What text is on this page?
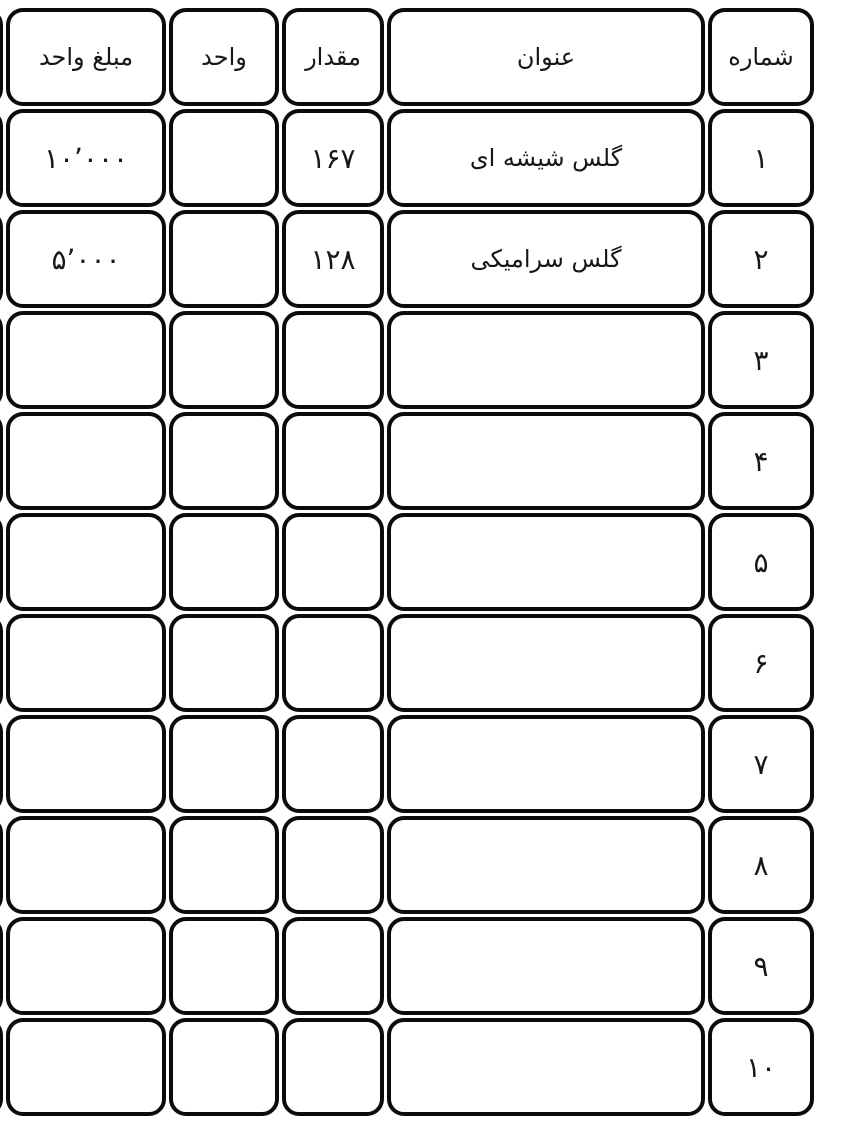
شماره
عنوان
مقدار
واحد
مبلغ واحد
۱
گلس شیشه ای
۱۶۷
۱۰٬۰۰۰
۲
گلس سرامیکی
۱۲۸
۵٬۰۰۰
۳
۴
۵
۶
۷
۸
۹
۱۰
